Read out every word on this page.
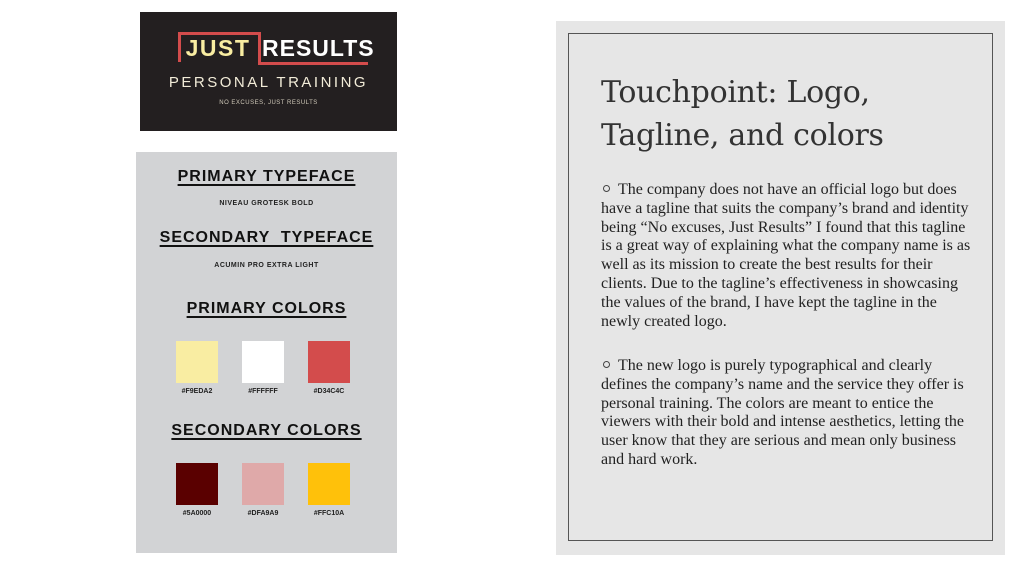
JUST RESULTS
PERSONAL TRAINING
NO EXCUSES, JUST RESULTS
PRIMARY TYPEFACE
NIVEAU GROTESK BOLD
SECONDARY  TYPEFACE
ACUMIN PRO EXTRA LIGHT
PRIMARY COLORS
#F9EDA2	#FFFFFF	#D34C4C
SECONDARY COLORS
#5A0000	#DFA9A9	#FFC10A
Touchpoint: Logo, Tagline, and colors

The company does not have an official logo but does have a tagline that suits the company’s brand and identity being “No excuses, Just Results” I found that this tagline is a great way of explaining what the company name is as well as its mission to create the best results for their clients. Due to the tagline’s effectiveness in showcasing the values of the brand, I have kept the tagline in the newly created logo.

The new logo is purely typographical and clearly defines the company’s name and the service they offer is personal training. The colors are meant to entice the viewers with their bold and intense aesthetics, letting the user know that they are serious and mean only business and hard work.
